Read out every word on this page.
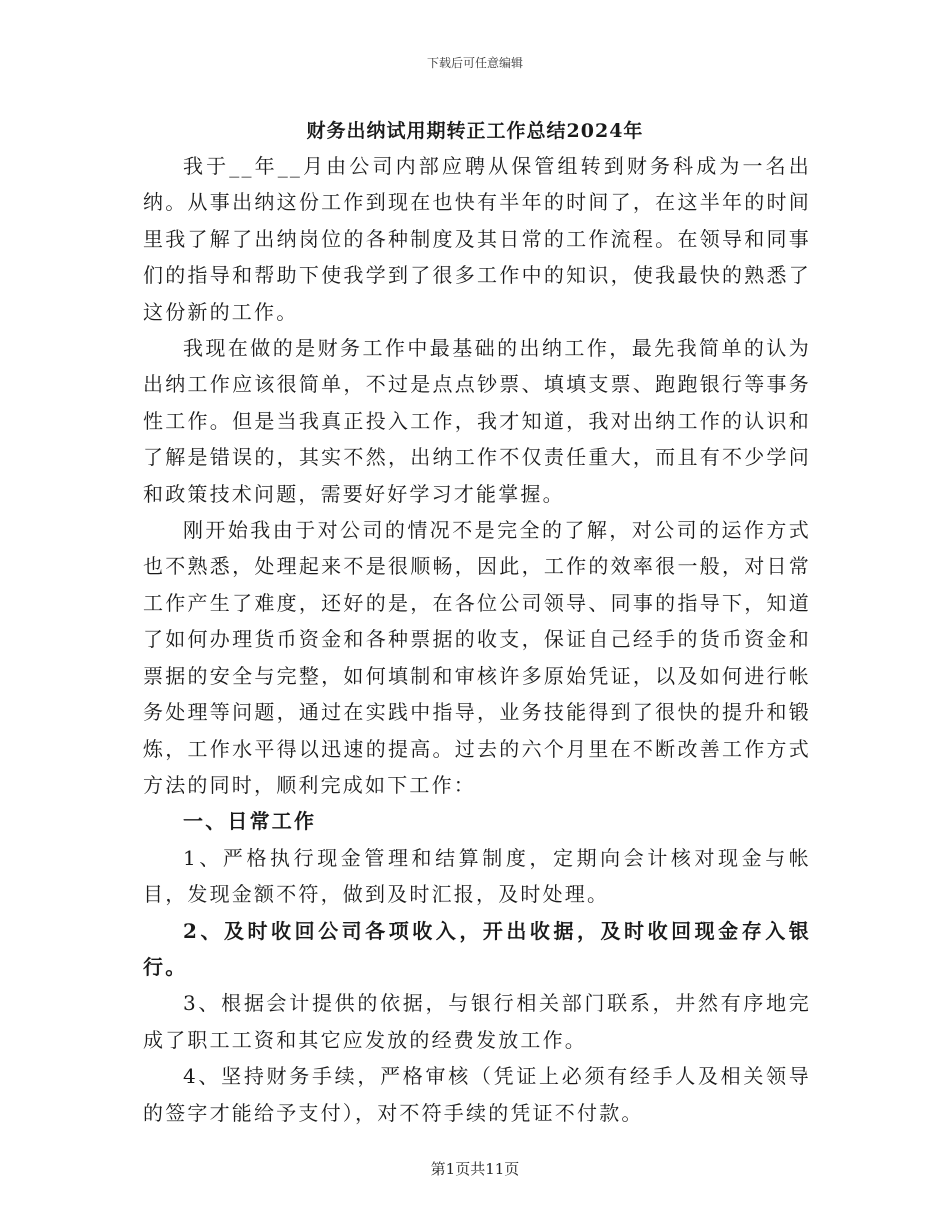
下载后可任意编辑
财务出纳试用期转正工作总结2024年

我于__年__月由公司内部应聘从保管组转到财务科成为一名出纳。从事出纳这份工作到现在也快有半年的时间了，在这半年的时间里我了解了出纳岗位的各种制度及其日常的工作流程。在领导和同事们的指导和帮助下使我学到了很多工作中的知识，使我最快的熟悉了这份新的工作。

我现在做的是财务工作中最基础的出纳工作，最先我简单的认为出纳工作应该很简单，不过是点点钞票、填填支票、跑跑银行等事务性工作。但是当我真正投入工作，我才知道，我对出纳工作的认识和了解是错误的，其实不然，出纳工作不仅责任重大，而且有不少学问和政策技术问题，需要好好学习才能掌握。

刚开始我由于对公司的情况不是完全的了解，对公司的运作方式也不熟悉，处理起来不是很顺畅，因此，工作的效率很一般，对日常工作产生了难度，还好的是，在各位公司领导、同事的指导下，知道了如何办理货币资金和各种票据的收支，保证自己经手的货币资金和票据的安全与完整，如何填制和审核许多原始凭证，以及如何进行帐务处理等问题，通过在实践中指导，业务技能得到了很快的提升和锻炼，工作水平得以迅速的提高。过去的六个月里在不断改善工作方式方法的同时，顺利完成如下工作：

一、日常工作

1、严格执行现金管理和结算制度，定期向会计核对现金与帐目，发现金额不符，做到及时汇报，及时处理。

2、及时收回公司各项收入，开出收据，及时收回现金存入银行。

3、根据会计提供的依据，与银行相关部门联系，井然有序地完成了职工工资和其它应发放的经费发放工作。

4、坚持财务手续，严格审核（凭证上必须有经手人及相关领导的签字才能给予支付），对不符手续的凭证不付款。

第1页共11页
